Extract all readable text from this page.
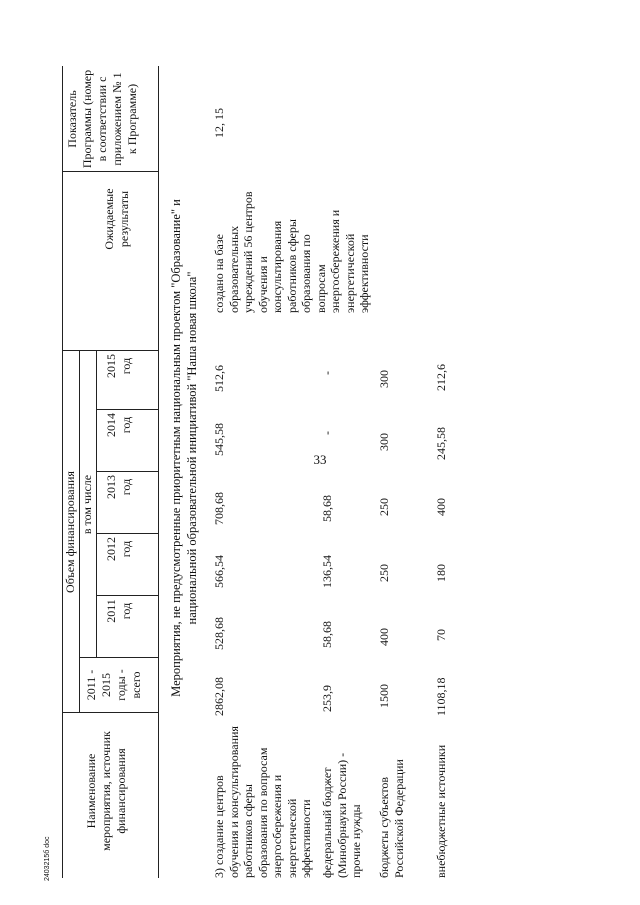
33
2403215б doc
Наименование мероприятия, источник финансирования
2011 - 2015 годы - всего
Объем финансирования в том числе
2011 год
2012 год
2013 год
2014 год
2015 год
Ожидаемые результаты
Показатель Программы (номер в соответствии с приложением № 1 к Программе)
Мероприятия, не предусмотренные приоритетным национальным проектом "Образование" и национальной образовательной инициативой "Наша новая школа"
3) создание центров обучения и консультирования работников сферы образования по вопросам энергосбережения и энергетической эффективности
2862,08
528,68
566,54
708,68
545,58
512,6
создано на базе образовательных учреждений 56 центров обучения и консультирования работников сферы образования по вопросам энергосбережения и энергетической эффективности
12, 15
федеральный бюджет (Минобрнауки России) - прочие нужды
253,9
58,68
136,54
58,68
-
-
бюджеты субъектов Российской Федерации
1500
400
250
250
300
300
внебюджетные источники
1108,18
70
180
400
245,58
212,6
